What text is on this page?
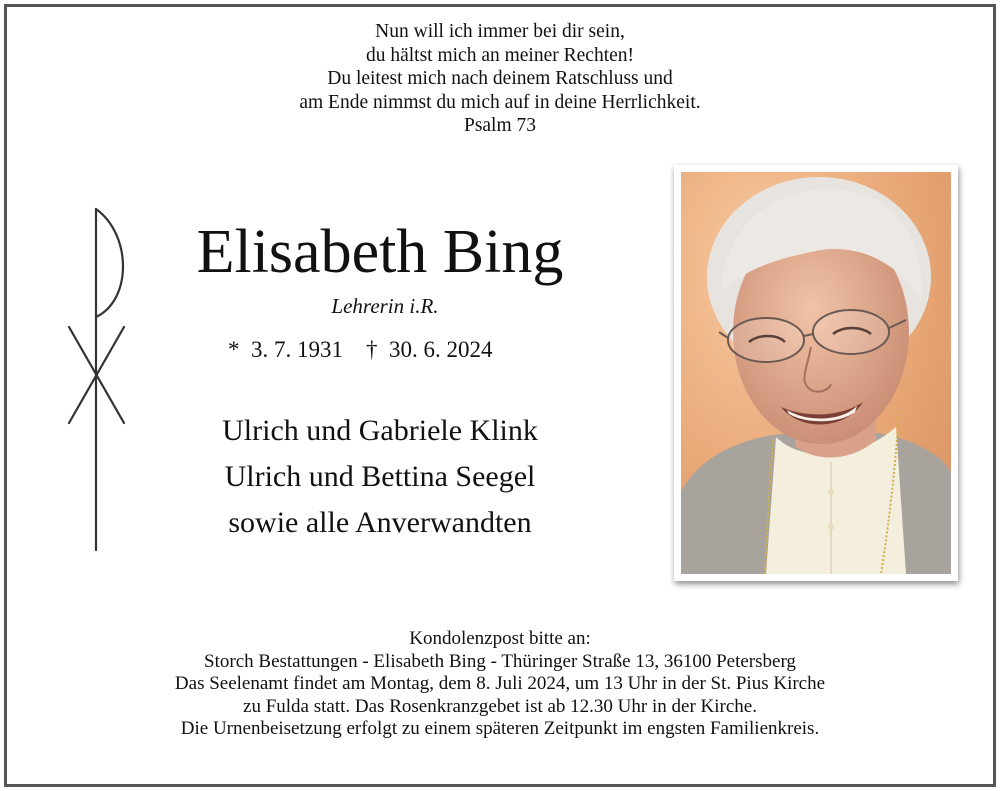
Nun will ich immer bei dir sein,
du hältst mich an meiner Rechten!
Du leitest mich nach deinem Ratschluss und
am Ende nimmst du mich auf in deine Herrlichkeit.
Psalm 73
Elisabeth Bing
Lehrerin i.R.
*  3. 7. 1931    †  30. 6. 2024
Ulrich und Gabriele Klink
Ulrich und Bettina Seegel
sowie alle Anverwandten
Kondolenzpost bitte an:
Storch Bestattungen - Elisabeth Bing - Thüringer Straße 13, 36100 Petersberg
Das Seelenamt findet am Montag, dem 8. Juli 2024, um 13 Uhr in der St. Pius Kirche
zu Fulda statt. Das Rosenkranzgebet ist ab 12.30 Uhr in der Kirche.
Die Urnenbeisetzung erfolgt zu einem späteren Zeitpunkt im engsten Familienkreis.
